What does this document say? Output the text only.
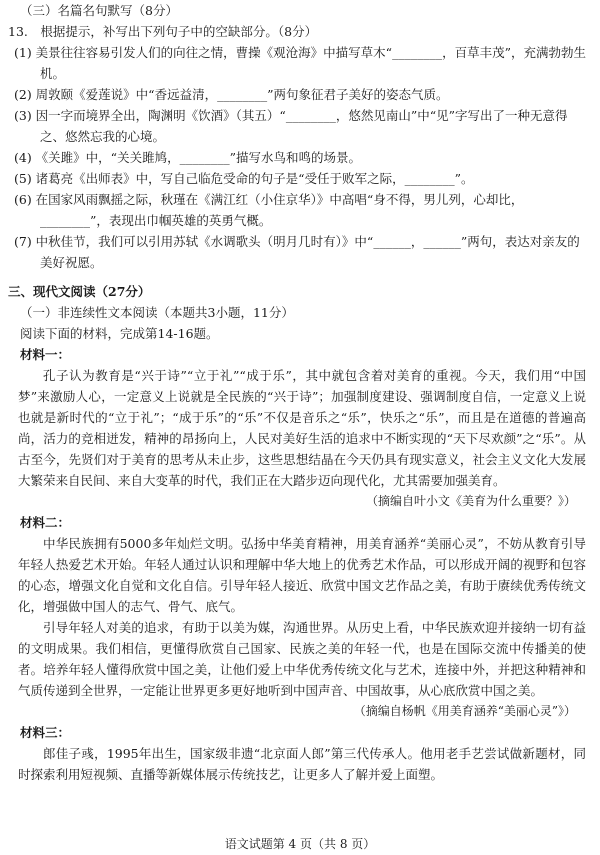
（三）名篇名句默写（8分）
13.　根据提示，补写出下列句子中的空缺部分。（8分）
(1) 美景往往容易引发人们的向往之情，曹操《观沧海》中描写草木“________，百草丰茂”，充满勃勃生机。
(2) 周敦颐《爱莲说》中“香远益清，________”两句象征君子美好的姿态气质。
(3) 因一字而境界全出，陶渊明《饮酒》（其五）“________，悠然见南山”中“见”字写出了一种无意得之、悠然忘我的心境。
(4) 《关雎》中，“关关雎鸠，________”描写水鸟和鸣的场景。
(5) 诸葛亮《出师表》中，写自己临危受命的句子是“受任于败军之际，________”。
(6) 在国家风雨飘摇之际，秋瑾在《满江红（小住京华）》中高唱“身不得，男儿列，心却比，________”，表现出巾帼英雄的英勇气概。
(7) 中秋佳节，我们可以引用苏轼《水调歌头（明月几时有）》中“______，______”两句，表达对亲友的美好祝愿。
三、现代文阅读（27分）
（一）非连续性文本阅读（本题共3小题，11分）
阅读下面的材料，完成第14-16题。
材料一：
孔子认为教育是“兴于诗”“立于礼”“成于乐”，其中就包含着对美育的重视。今天，我们用“中国梦”来激励人心，一定意义上说就是全民族的“兴于诗”；加强制度建设、强调制度自信，一定意义上说也就是新时代的“立于礼”；“成于乐”的“乐”不仅是音乐之“乐”，快乐之“乐”，而且是在道德的普遍高尚，活力的竞相迸发，精神的昂扬向上，人民对美好生活的追求中不断实现的“天下尽欢颜”之“乐”。从古至今，先贤们对于美育的思考从未止步，这些思想结晶在今天仍具有现实意义，社会主义文化大发展大繁荣来自民间、来自大变革的时代，我们正在大踏步迈向现代化，尤其需要加强美育。
（摘编自叶小文《美育为什么重要？》）
材料二：
中华民族拥有5000多年灿烂文明。弘扬中华美育精神，用美育涵养“美丽心灵”，不妨从教育引导年轻人热爱艺术开始。年轻人通过认识和理解中华大地上的优秀艺术作品，可以形成开阔的视野和包容的心态，增强文化自觉和文化自信。引导年轻人接近、欣赏中国文艺作品之美，有助于赓续优秀传统文化，增强做中国人的志气、骨气、底气。
引导年轻人对美的追求，有助于以美为媒，沟通世界。从历史上看，中华民族欢迎并接纳一切有益的文明成果。我们相信，更懂得欣赏自己国家、民族之美的年轻一代，也是在国际交流中传播美的使者。培养年轻人懂得欣赏中国之美，让他们爱上中华优秀传统文化与艺术，连接中外，并把这种精神和气质传递到全世界，一定能让世界更多更好地听到中国声音、中国故事，从心底欣赏中国之美。
（摘编自杨帆《用美育涵养“美丽心灵”》）
材料三：
郎佳子彧，1995年出生，国家级非遗“北京面人郎”第三代传承人。他用老手艺尝试做新题材，同时探索利用短视频、直播等新媒体展示传统技艺，让更多人了解并爱上面塑。
语文试题第 4 页（共 8 页）
